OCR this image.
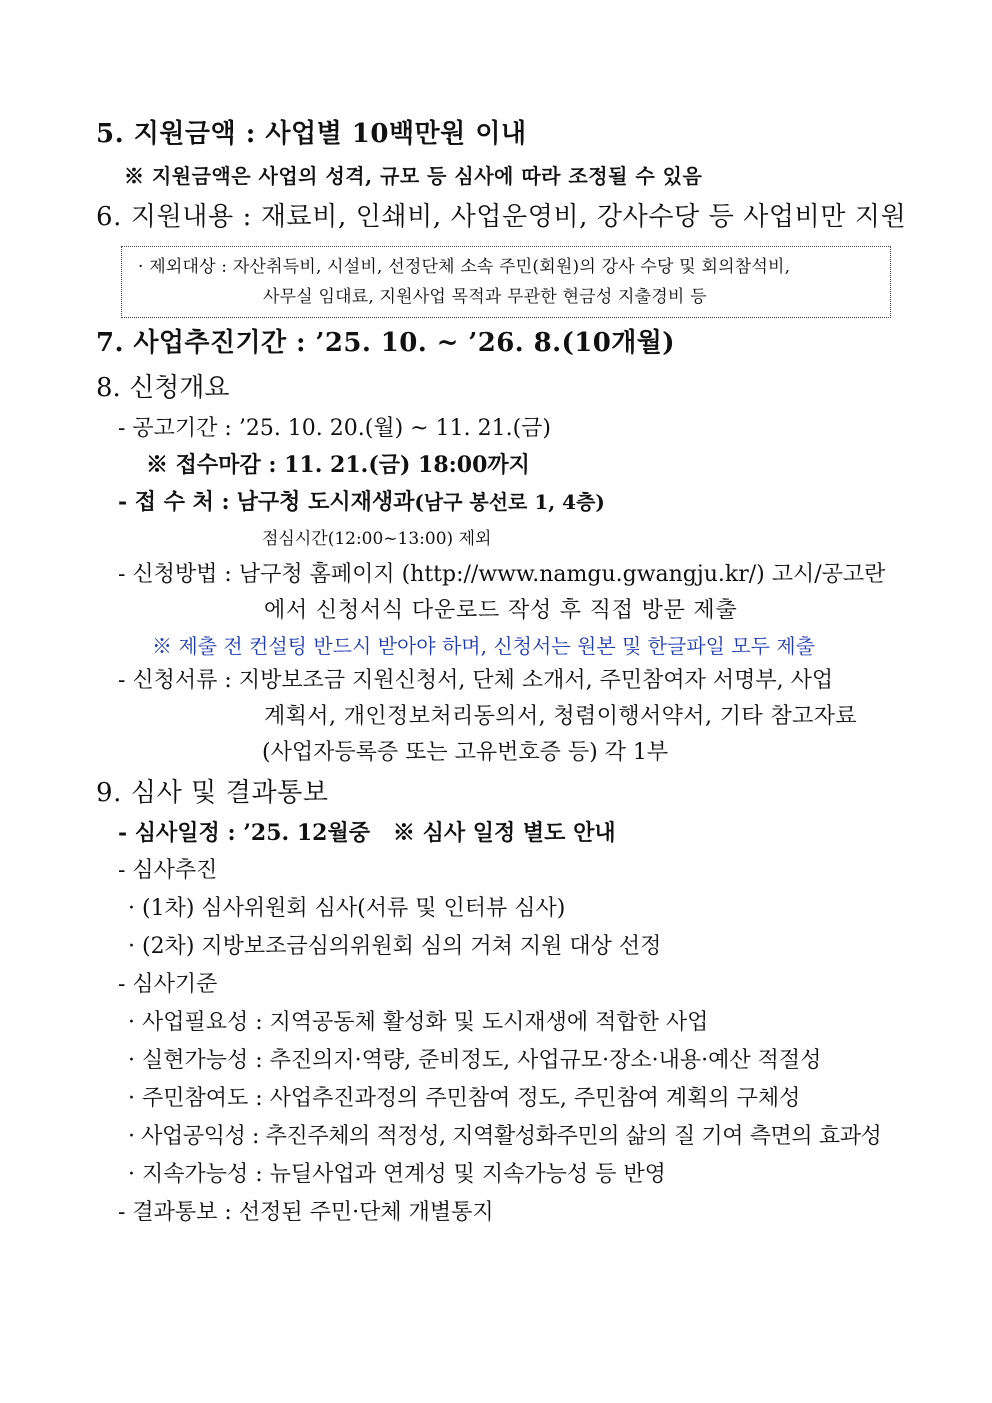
5. 지원금액 : 사업별 10백만원 이내
※ 지원금액은 사업의 성격, 규모 등 심사에 따라 조정될 수 있음
6. 지원내용 : 재료비, 인쇄비, 사업운영비, 강사수당 등 사업비만 지원
· 제외대상 : 자산취득비, 시설비, 선정단체 소속 주민(회원)의 강사 수당 및 회의참석비,
사무실 임대료, 지원사업 목적과 무관한 현금성 지출경비 등
7. 사업추진기간 : ’25. 10. ~ ’26. 8.(10개월)
8. 신청개요
- 공고기간 : ’25. 10. 20.(월) ~ 11. 21.(금)
※ 접수마감 : 11. 21.(금) 18:00까지
- 접 수 처 : 남구청 도시재생과(남구 봉선로 1, 4층)
점심시간(12:00~13:00) 제외
- 신청방법 : 남구청 홈페이지 (http://www.namgu.gwangju.kr/) 고시/공고란
에서 신청서식 다운로드 작성 후 직접 방문 제출
※ 제출 전 컨설팅 반드시 받아야 하며, 신청서는 원본 및 한글파일 모두 제출
- 신청서류 : 지방보조금 지원신청서, 단체 소개서, 주민참여자 서명부, 사업
계획서, 개인정보처리동의서, 청렴이행서약서, 기타 참고자료
(사업자등록증 또는 고유번호증 등) 각 1부
9. 심사 및 결과통보
- 심사일정 : ’25. 12월중   ※ 심사 일정 별도 안내
- 심사추진
· (1차) 심사위원회 심사(서류 및 인터뷰 심사)
· (2차) 지방보조금심의위원회 심의 거쳐 지원 대상 선정
- 심사기준
· 사업필요성 : 지역공동체 활성화 및 도시재생에 적합한 사업
· 실현가능성 : 추진의지·역량, 준비정도, 사업규모·장소·내용·예산 적절성
· 주민참여도 : 사업추진과정의 주민참여 정도, 주민참여 계획의 구체성
· 사업공익성 : 추진주체의 적정성, 지역활성화주민의 삶의 질 기여 측면의 효과성
· 지속가능성 : 뉴딜사업과 연계성 및 지속가능성 등 반영
- 결과통보 : 선정된 주민·단체 개별통지
